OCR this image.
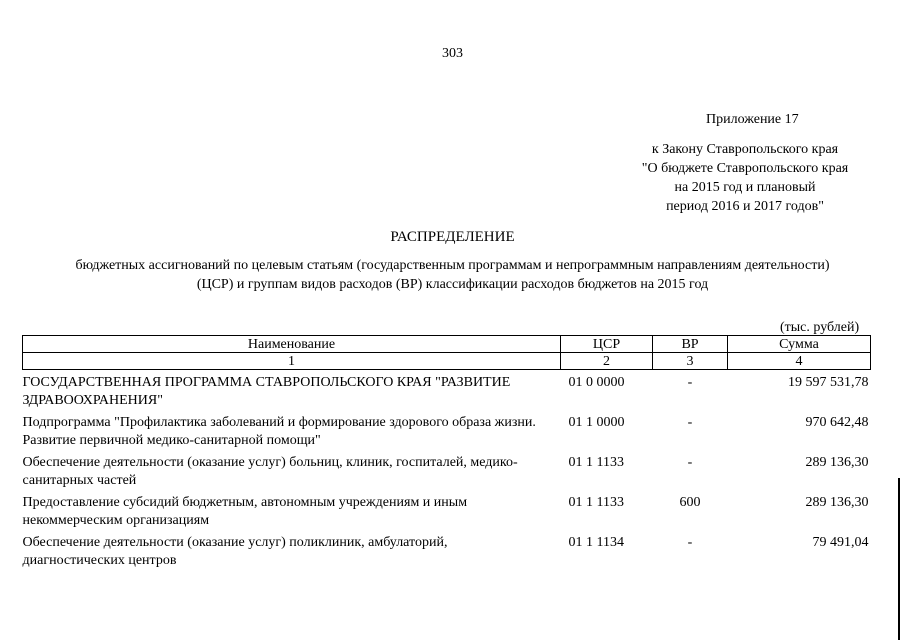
303
Приложение 17
к Закону Ставропольского края
"О бюджете Ставропольского края
на 2015 год и плановый
период 2016 и 2017 годов"
РАСПРЕДЕЛЕНИЕ
бюджетных ассигнований по целевым статьям (государственным программам и непрограммным направлениям деятельности)
(ЦСР) и группам видов расходов (ВР) классификации расходов бюджетов на 2015 год
(тыс. рублей)
Наименование	ЦСР	ВР	Сумма
1	2	3	4
ГОСУДАРСТВЕННАЯ ПРОГРАММА СТАВРОПОЛЬСКОГО КРАЯ "РАЗВИТИЕ ЗДРАВООХРАНЕНИЯ"	01 0 0000	-	19 597 531,78
Подпрограмма "Профилактика заболеваний и формирование здорового образа жизни. Развитие первичной медико-санитарной помощи"	01 1 0000	-	970 642,48
Обеспечение деятельности (оказание услуг) больниц, клиник, госпиталей, медико-санитарных частей	01 1 1133	-	289 136,30
Предоставление субсидий бюджетным, автономным учреждениям и иным некоммерческим организациям	01 1 1133	600	289 136,30
Обеспечение деятельности (оказание услуг) поликлиник, амбулаторий, диагностических центров	01 1 1134	-	79 491,04
